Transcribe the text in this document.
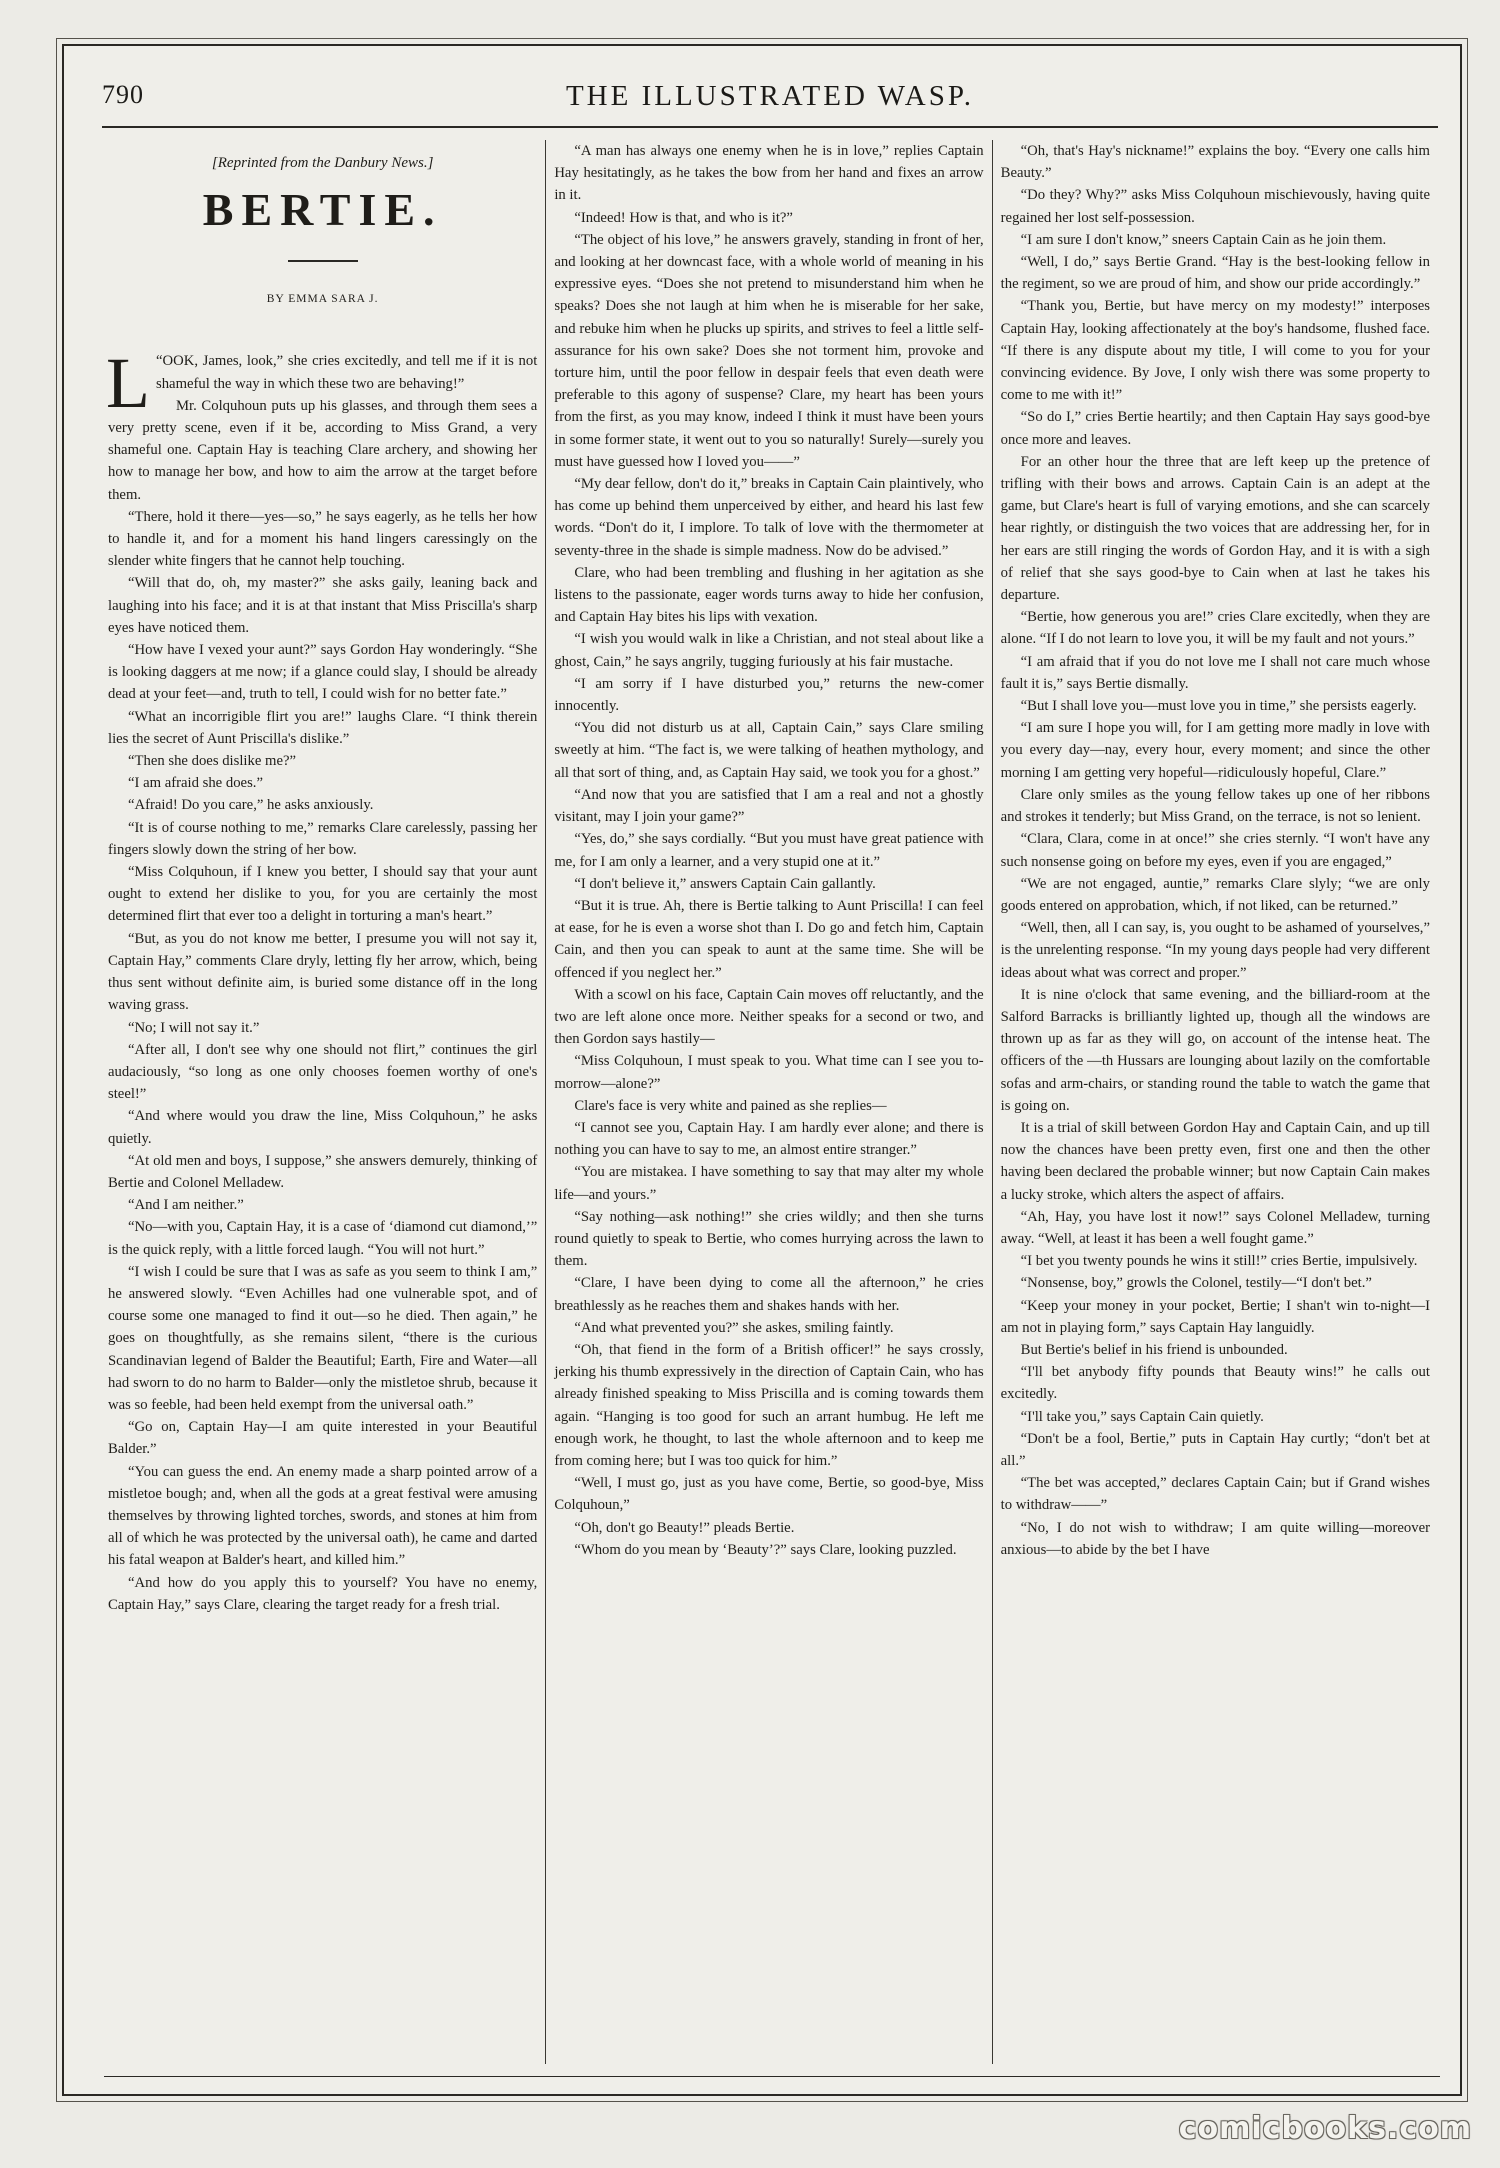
790	THE ILLUSTRATED WASP.
[Reprinted from the Danbury News.]
BERTIE.
BY EMMA SARA J.

L “OOK, James, look,” she cries excitedly, and tell me if it is not shameful the way in which these two are behaving!”

Mr. Colquhoun puts up his glasses, and through them sees a very pretty scene, even if it be, according to Miss Grand, a very shameful one. Captain Hay is teaching Clare archery, and showing her how to manage her bow, and how to aim the arrow at the target before them.

“There, hold it there—yes—so,” he says eagerly, as he tells her how to handle it, and for a moment his hand lingers caressingly on the slender white fingers that he cannot help touching.

“Will that do, oh, my master?” she asks gaily, leaning back and laughing into his face; and it is at that instant that Miss Priscilla's sharp eyes have noticed them.

“How have I vexed your aunt?” says Gordon Hay wonderingly. “She is looking daggers at me now; if a glance could slay, I should be already dead at your feet—and, truth to tell, I could wish for no better fate.”

“What an incorrigible flirt you are!” laughs Clare. “I think therein lies the secret of Aunt Priscilla's dislike.”

“Then she does dislike me?”

“I am afraid she does.”

“Afraid! Do you care,” he asks anxiously.

“It is of course nothing to me,” remarks Clare carelessly, passing her fingers slowly down the string of her bow.

“Miss Colquhoun, if I knew you better, I should say that your aunt ought to extend her dislike to you, for you are certainly the most determined flirt that ever too a delight in torturing a man's heart.”

“But, as you do not know me better, I presume you will not say it, Captain Hay,” comments Clare dryly, letting fly her arrow, which, being thus sent without definite aim, is buried some distance off in the long waving grass.

“No; I will not say it.”

“After all, I don't see why one should not flirt,” continues the girl audaciously, “so long as one only chooses foemen worthy of one's steel!”

“And where would you draw the line, Miss Colquhoun,” he asks quietly.

“At old men and boys, I suppose,” she answers demurely, thinking of Bertie and Colonel Melladew.

“And I am neither.”

“No—with you, Captain Hay, it is a case of ‘diamond cut diamond,’” is the quick reply, with a little forced laugh. “You will not hurt.”

“I wish I could be sure that I was as safe as you seem to think I am,” he answered slowly. “Even Achilles had one vulnerable spot, and of course some one managed to find it out—so he died. Then again,” he goes on thoughtfully, as she remains silent, “there is the curious Scandinavian legend of Balder the Beautiful; Earth, Fire and Water—all had sworn to do no harm to Balder—only the mistletoe shrub, because it was so feeble, had been held exempt from the universal oath.”

“Go on, Captain Hay—I am quite interested in your Beautiful Balder.”

“You can guess the end. An enemy made a sharp pointed arrow of a mistletoe bough; and, when all the gods at a great festival were amusing themselves by throwing lighted torches, swords, and stones at him from all of which he was protected by the universal oath), he came and darted his fatal weapon at Balder's heart, and killed him.”

“And how do you apply this to yourself? You have no enemy, Captain Hay,” says Clare, clearing the target ready for a fresh trial.

“A man has always one enemy when he is in love,” replies Captain Hay hesitatingly, as he takes the bow from her hand and fixes an arrow in it.

“Indeed! How is that, and who is it?”

“The object of his love,” he answers gravely, standing in front of her, and looking at her downcast face, with a whole world of meaning in his expressive eyes. “Does she not pretend to misunderstand him when he speaks? Does she not laugh at him when he is miserable for her sake, and rebuke him when he plucks up spirits, and strives to feel a little self-assurance for his own sake? Does she not torment him, provoke and torture him, until the poor fellow in despair feels that even death were preferable to this agony of suspense? Clare, my heart has been yours from the first, as you may know, indeed I think it must have been yours in some former state, it went out to you so naturally! Surely—surely you must have guessed how I loved you——”

“My dear fellow, don't do it,” breaks in Captain Cain plaintively, who has come up behind them unperceived by either, and heard his last few words. “Don't do it, I implore. To talk of love with the thermometer at seventy-three in the shade is simple madness. Now do be advised.”

Clare, who had been trembling and flushing in her agitation as she listens to the passionate, eager words turns away to hide her confusion, and Captain Hay bites his lips with vexation.

“I wish you would walk in like a Christian, and not steal about like a ghost, Cain,” he says angrily, tugging furiously at his fair mustache.

“I am sorry if I have disturbed you,” returns the new-comer innocently.

“You did not disturb us at all, Captain Cain,” says Clare smiling sweetly at him. “The fact is, we were talking of heathen mythology, and all that sort of thing, and, as Captain Hay said, we took you for a ghost.”

“And now that you are satisfied that I am a real and not a ghostly visitant, may I join your game?”

“Yes, do,” she says cordially. “But you must have great patience with me, for I am only a learner, and a very stupid one at it.”

“I don't believe it,” answers Captain Cain gallantly.

“But it is true. Ah, there is Bertie talking to Aunt Priscilla! I can feel at ease, for he is even a worse shot than I. Do go and fetch him, Captain Cain, and then you can speak to aunt at the same time. She will be offenced if you neglect her.”

With a scowl on his face, Captain Cain moves off reluctantly, and the two are left alone once more. Neither speaks for a second or two, and then Gordon says hastily—

“Miss Colquhoun, I must speak to you. What time can I see you to-morrow—alone?”

Clare's face is very white and pained as she replies—

“I cannot see you, Captain Hay. I am hardly ever alone; and there is nothing you can have to say to me, an almost entire stranger.”

“You are mistakea. I have something to say that may alter my whole life—and yours.”

“Say nothing—ask nothing!” she cries wildly; and then she turns round quietly to speak to Bertie, who comes hurrying across the lawn to them.

“Clare, I have been dying to come all the afternoon,” he cries breathlessly as he reaches them and shakes hands with her.

“And what prevented you?” she askes, smiling faintly.

“Oh, that fiend in the form of a British officer!” he says crossly, jerking his thumb expressively in the direction of Captain Cain, who has already finished speaking to Miss Priscilla and is coming towards them again. “Hanging is too good for such an arrant humbug. He left me enough work, he thought, to last the whole afternoon and to keep me from coming here; but I was too quick for him.”

“Well, I must go, just as you have come, Bertie, so good-bye, Miss Colquhoun,”

“Oh, don't go Beauty!” pleads Bertie.

“Whom do you mean by ‘Beauty’?” says Clare, looking puzzled.

“Oh, that's Hay's nickname!” explains the boy. “Every one calls him Beauty.”

“Do they? Why?” asks Miss Colquhoun mischievously, having quite regained her lost self-possession.

“I am sure I don't know,” sneers Captain Cain as he join them.

“Well, I do,” says Bertie Grand. “Hay is the best-looking fellow in the regiment, so we are proud of him, and show our pride accordingly.”

“Thank you, Bertie, but have mercy on my modesty!” interposes Captain Hay, looking affectionately at the boy's handsome, flushed face. “If there is any dispute about my title, I will come to you for your convincing evidence. By Jove, I only wish there was some property to come to me with it!”

“So do I,” cries Bertie heartily; and then Captain Hay says good-bye once more and leaves.

For an other hour the three that are left keep up the pretence of trifling with their bows and arrows. Captain Cain is an adept at the game, but Clare's heart is full of varying emotions, and she can scarcely hear rightly, or distinguish the two voices that are addressing her, for in her ears are still ringing the words of Gordon Hay, and it is with a sigh of relief that she says good-bye to Cain when at last he takes his departure.

“Bertie, how generous you are!” cries Clare excitedly, when they are alone. “If I do not learn to love you, it will be my fault and not yours.”

“I am afraid that if you do not love me I shall not care much whose fault it is,” says Bertie dismally.

“But I shall love you—must love you in time,” she persists eagerly.

“I am sure I hope you will, for I am getting more madly in love with you every day—nay, every hour, every moment; and since the other morning I am getting very hopeful—ridiculously hopeful, Clare.”

Clare only smiles as the young fellow takes up one of her ribbons and strokes it tenderly; but Miss Grand, on the terrace, is not so lenient.

“Clara, Clara, come in at once!” she cries sternly. “I won't have any such nonsense going on before my eyes, even if you are engaged,”

“We are not engaged, auntie,” remarks Clare slyly; “we are only goods entered on approbation, which, if not liked, can be returned.”

“Well, then, all I can say, is, you ought to be ashamed of yourselves,” is the unrelenting response. “In my young days people had very different ideas about what was correct and proper.”

It is nine o'clock that same evening, and the billiard-room at the Salford Barracks is brilliantly lighted up, though all the windows are thrown up as far as they will go, on account of the intense heat. The officers of the —th Hussars are lounging about lazily on the comfortable sofas and arm-chairs, or standing round the table to watch the game that is going on.

It is a trial of skill between Gordon Hay and Captain Cain, and up till now the chances have been pretty even, first one and then the other having been declared the probable winner; but now Captain Cain makes a lucky stroke, which alters the aspect of affairs.

“Ah, Hay, you have lost it now!” says Colonel Melladew, turning away. “Well, at least it has been a well fought game.”

“I bet you twenty pounds he wins it still!” cries Bertie, impulsively.

“Nonsense, boy,” growls the Colonel, testily—“I don't bet.”

“Keep your money in your pocket, Bertie; I shan't win to-night—I am not in playing form,” says Captain Hay languidly.

But Bertie's belief in his friend is unbounded.

“I'll bet anybody fifty pounds that Beauty wins!” he calls out excitedly.

“I'll take you,” says Captain Cain quietly.

“Don't be a fool, Bertie,” puts in Captain Hay curtly; “don't bet at all.”

“The bet was accepted,” declares Captain Cain; but if Grand wishes to withdraw——”

“No, I do not wish to withdraw; I am quite willing—moreover anxious—to abide by the bet I have

comicbooks.com
